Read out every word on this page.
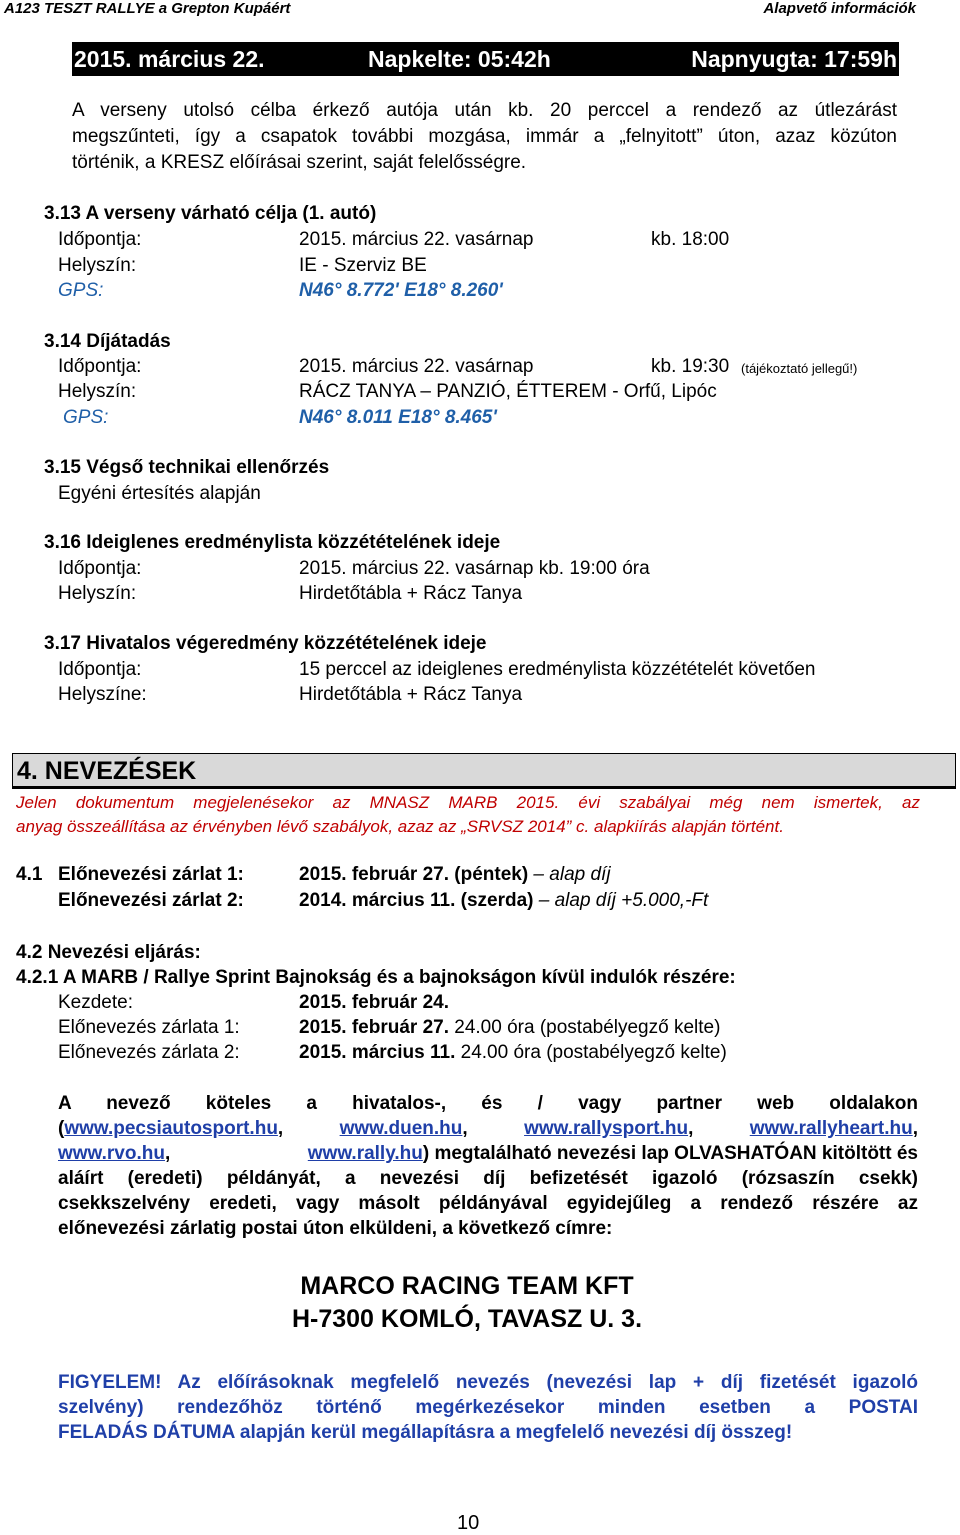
A123 TESZT RALLYE a Grepton Kupáért	Alapvető információk
2015. március 22.	Napkelte: 05:42h	Napnyugta: 17:59h
A verseny utolsó célba érkező autója után kb. 20 perccel a rendező az útlezárást
megszűnteti, így a csapatok további mozgása, immár a „felnyitott” úton, azaz közúton
történik, a KRESZ előírásai szerint, saját felelősségre.
3.13 A verseny várható célja (1. autó)
Időpontja:	2015. március 22. vasárnap	kb. 18:00
Helyszín:	IE - Szerviz BE
GPS:	N46° 8.772' E18° 8.260'
3.14 Díjátadás
Időpontja:	2015. március 22. vasárnap	kb. 19:30 (tájékoztató jellegű!)
Helyszín:	RÁCZ TANYA – PANZIÓ, ÉTTEREM - Orfű, Lipóc
GPS:	N46° 8.011 E18° 8.465'
3.15 Végső technikai ellenőrzés
Egyéni értesítés alapján
3.16 Ideiglenes eredménylista közzétételének ideje
Időpontja:	2015. március 22. vasárnap kb. 19:00 óra
Helyszín:	Hirdetőtábla + Rácz Tanya
3.17 Hivatalos végeredmény közzétételének ideje
Időpontja:	15 perccel az ideiglenes eredménylista közzétételét követően
Helyszíne:	Hirdetőtábla + Rácz Tanya
4. NEVEZÉSEK
Jelen dokumentum megjelenésekor az MNASZ MARB 2015. évi szabályai még nem ismertek, az
anyag összeállítása az érvényben lévő szabályok, azaz az „SRVSZ 2014” c. alapkiírás alapján történt.
4.1 Előnevezési zárlat 1:	2015. február 27. (péntek) – alap díj
Előnevezési zárlat 2:	2014. március 11. (szerda) – alap díj +5.000,-Ft
4.2 Nevezési eljárás:
4.2.1 A MARB / Rallye Sprint Bajnokság és a bajnokságon kívül indulók részére:
Kezdete:	2015. február 24.
Előnevezés zárlata 1:	2015. február 27. 24.00 óra (postabélyegző kelte)
Előnevezés zárlata 2:	2015. március 11. 24.00 óra (postabélyegző kelte)
A nevező köteles a hivatalos-, és / vagy partner web oldalakon
(www.pecsiautosport.hu,	www.duen.hu,	www.rallysport.hu,	www.rallyheart.hu,
www.rvo.hu,	www.rally.hu) megtalálható nevezési lap OLVASHATÓAN kitöltött és
aláírt (eredeti) példányát, a nevezési díj befizetését igazoló (rózsaszín csekk)
csekkszelvény eredeti, vagy másolt példányával egyidejűleg a rendező részére az
előnevezési zárlatig postai úton elküldeni, a következő címre:
MARCO RACING TEAM KFT
H-7300 KOMLÓ, TAVASZ U. 3.
FIGYELEM! Az előírásoknak megfelelő nevezés (nevezési lap + díj fizetését igazoló
szelvény) rendezőhöz történő megérkezésekor minden esetben a POSTAI
FELADÁS DÁTUMA alapján kerül megállapításra a megfelelő nevezési díj összeg!
10
